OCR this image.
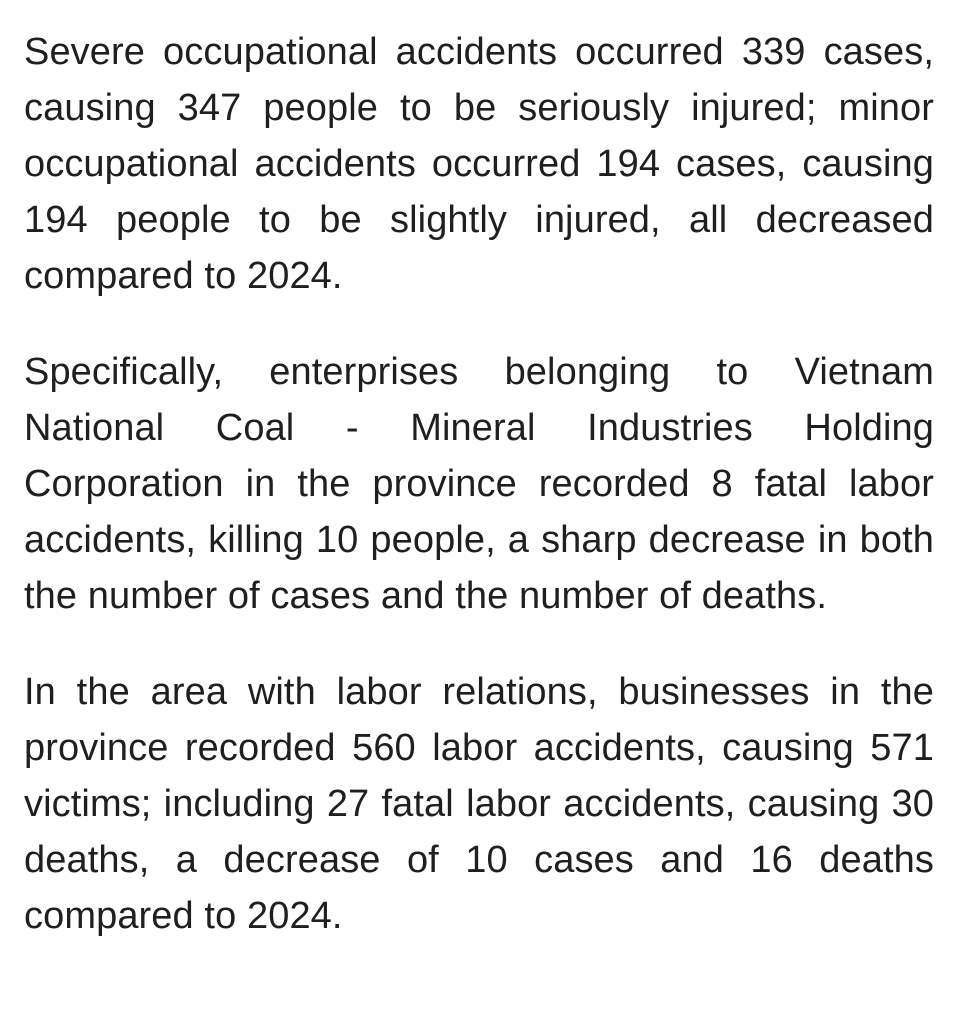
Severe occupational accidents occurred 339 cases, causing 347 people to be seriously injured; minor occupational accidents occurred 194 cases, causing 194 people to be slightly injured, all decreased compared to 2024.

Specifically, enterprises belonging to Vietnam National Coal - Mineral Industries Holding Corporation in the province recorded 8 fatal labor accidents, killing 10 people, a sharp decrease in both the number of cases and the number of deaths.

In the area with labor relations, businesses in the province recorded 560 labor accidents, causing 571 victims; including 27 fatal labor accidents, causing 30 deaths, a decrease of 10 cases and 16 deaths compared to 2024.
